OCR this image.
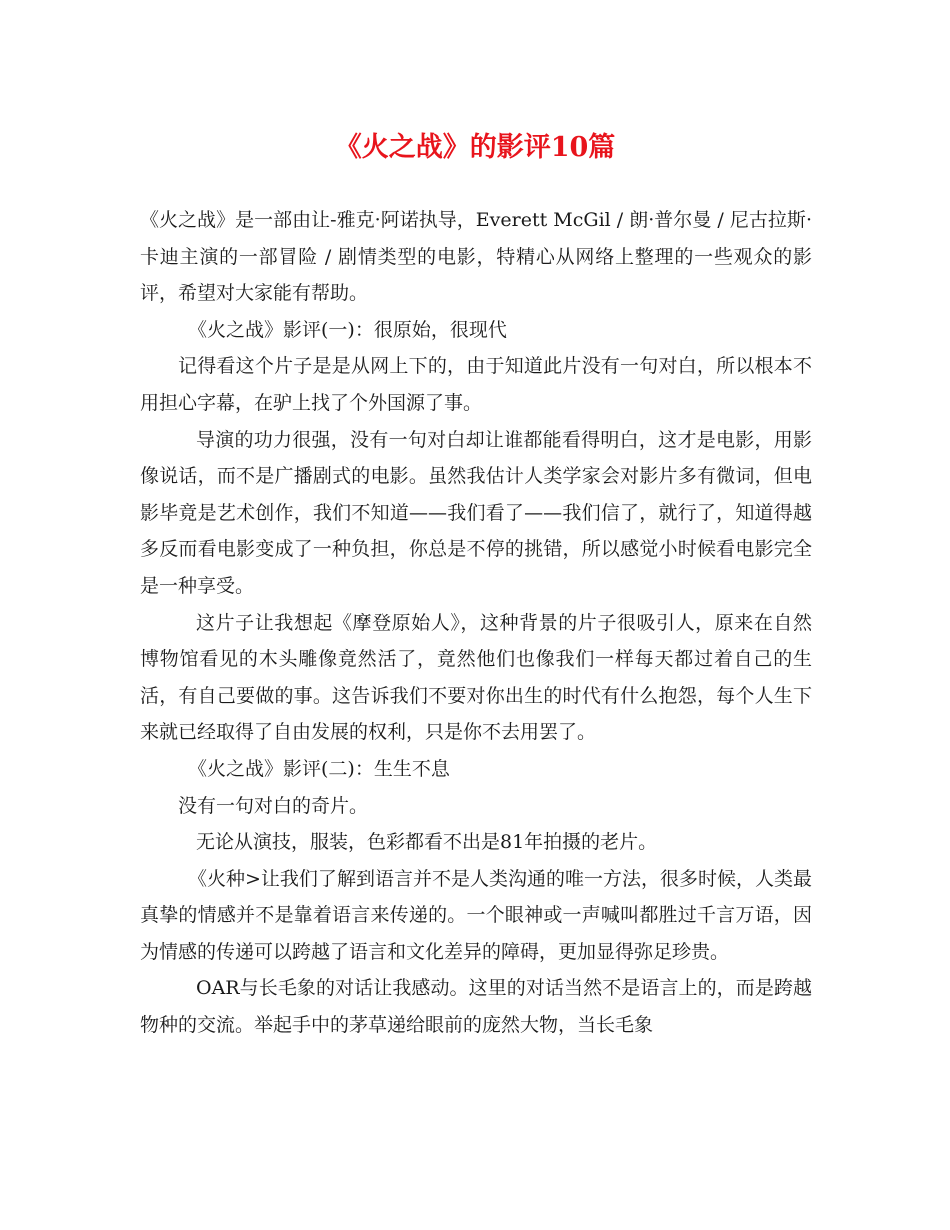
《火之战》的影评10篇

《火之战》是一部由让-雅克·阿诺执导，Everett McGil / 朗·普尔曼 / 尼古拉斯·卡迪主演的一部冒险 / 剧情类型的电影，特精心从网络上整理的一些观众的影评，希望对大家能有帮助。

《火之战》影评(一)：很原始，很现代

记得看这个片子是是从网上下的，由于知道此片没有一句对白，所以根本不用担心字幕，在驴上找了个外国源了事。

导演的功力很强，没有一句对白却让谁都能看得明白，这才是电影，用影像说话，而不是广播剧式的电影。虽然我估计人类学家会对影片多有微词，但电影毕竟是艺术创作，我们不知道——我们看了——我们信了，就行了，知道得越多反而看电影变成了一种负担，你总是不停的挑错，所以感觉小时候看电影完全是一种享受。

这片子让我想起《摩登原始人》，这种背景的片子很吸引人，原来在自然博物馆看见的木头雕像竟然活了，竟然他们也像我们一样每天都过着自己的生活，有自己要做的事。这告诉我们不要对你出生的时代有什么抱怨，每个人生下来就已经取得了自由发展的权利，只是你不去用罢了。

《火之战》影评(二)：生生不息

没有一句对白的奇片。

无论从演技，服装，色彩都看不出是81年拍摄的老片。

《火种>让我们了解到语言并不是人类沟通的唯一方法，很多时候，人类最真挚的情感并不是靠着语言来传递的。一个眼神或一声喊叫都胜过千言万语，因为情感的传递可以跨越了语言和文化差异的障碍，更加显得弥足珍贵。

OAR与长毛象的对话让我感动。这里的对话当然不是语言上的，而是跨越物种的交流。举起手中的茅草递给眼前的庞然大物，当长毛象
